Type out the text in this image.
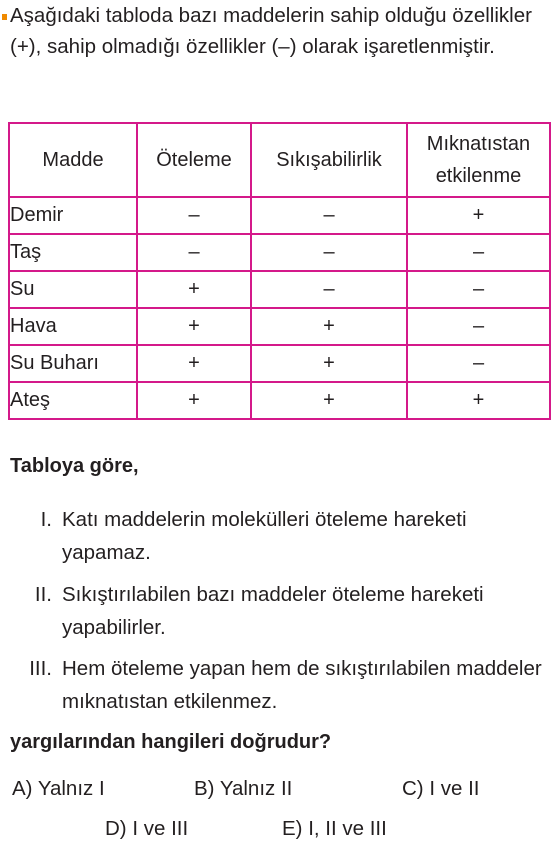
Aşağıdaki tabloda bazı maddelerin sahip olduğu özellikler (+), sahip olmadığı özellikler (–) olarak işaretlenmiştir.
Madde	Öteleme	Sıkışabilirlik	Mıknatıstan etkilenme
Demir	–	–	+
Taş	–	–	–
Su	+	–	–
Hava	+	+	–
Su Buharı	+	+	–
Ateş	+	+	+
Tabloya göre,
I. Katı maddelerin molekülleri öteleme hareketi yapamaz.
II. Sıkıştırılabilen bazı maddeler öteleme hareketi yapabilirler.
III. Hem öteleme yapan hem de sıkıştırılabilen maddeler mıknatıstan etkilenmez.
yargılarından hangileri doğrudur?
A) Yalnız I	B) Yalnız II	C) I ve II
D) I ve III	E) I, II ve III
